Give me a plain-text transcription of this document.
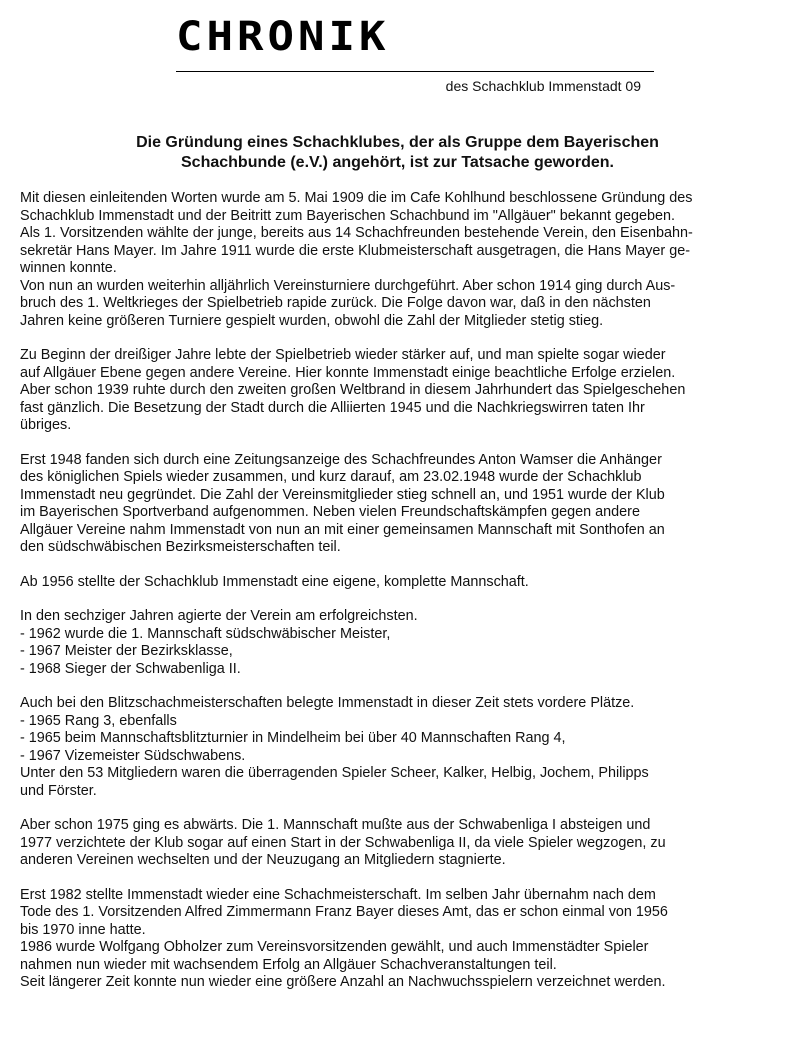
CHRONIK
des Schachklub Immenstadt 09
Die Gründung eines Schachklubes, der als Gruppe dem Bayerischen
Schachbunde (e.V.) angehört, ist zur Tatsache geworden.
Mit diesen einleitenden Worten wurde am 5. Mai 1909 die im Cafe Kohlhund beschlossene Gründung des
Schachklub Immenstadt und der Beitritt zum Bayerischen Schachbund im "Allgäuer" bekannt gegeben.
Als 1. Vorsitzenden wählte der junge, bereits aus 14 Schachfreunden bestehende Verein, den Eisenbahn-
sekretär Hans Mayer. Im Jahre 1911 wurde die erste Klubmeisterschaft ausgetragen, die Hans Mayer ge-
winnen konnte.
Von nun an wurden weiterhin alljährlich Vereinsturniere durchgeführt. Aber schon 1914 ging durch Aus-
bruch des 1. Weltkrieges der Spielbetrieb rapide zurück. Die Folge davon war, daß in den nächsten
Jahren keine größeren Turniere gespielt wurden, obwohl die Zahl der Mitglieder stetig stieg.
Zu Beginn der dreißiger Jahre lebte der Spielbetrieb wieder stärker auf, und man spielte sogar wieder
auf Allgäuer Ebene gegen andere Vereine. Hier konnte Immenstadt einige beachtliche Erfolge erzielen.
Aber schon 1939 ruhte durch den zweiten großen Weltbrand in diesem Jahrhundert das Spielgeschehen
fast gänzlich. Die Besetzung der Stadt durch die Alliierten 1945 und die Nachkriegswirren taten Ihr
übriges.
Erst 1948 fanden sich durch eine Zeitungsanzeige des Schachfreundes Anton Wamser die Anhänger
des königlichen Spiels wieder zusammen, und kurz darauf, am 23.02.1948 wurde der Schachklub
Immenstadt neu gegründet. Die Zahl der Vereinsmitglieder stieg schnell an, und 1951 wurde der Klub
im Bayerischen Sportverband aufgenommen. Neben vielen Freundschaftskämpfen gegen andere
Allgäuer Vereine nahm Immenstadt von nun an mit einer gemeinsamen Mannschaft mit Sonthofen an
den südschwäbischen Bezirksmeisterschaften teil.
Ab 1956 stellte der Schachklub Immenstadt eine eigene, komplette Mannschaft.
In den sechziger Jahren agierte der Verein am erfolgreichsten.
- 1962 wurde die 1. Mannschaft südschwäbischer Meister,
- 1967 Meister der Bezirksklasse,
- 1968 Sieger der Schwabenliga II.
Auch bei den Blitzschachmeisterschaften belegte Immenstadt in dieser Zeit stets vordere Plätze.
- 1965 Rang 3, ebenfalls
- 1965 beim Mannschaftsblitzturnier in Mindelheim bei über 40 Mannschaften Rang 4,
- 1967 Vizemeister Südschwabens.
Unter den 53 Mitgliedern waren die überragenden Spieler Scheer, Kalker, Helbig, Jochem, Philipps
und Förster.
Aber schon 1975 ging es abwärts. Die 1. Mannschaft mußte aus der Schwabenliga I absteigen und
1977 verzichtete der Klub sogar auf einen Start in der Schwabenliga II, da viele Spieler wegzogen, zu
anderen Vereinen wechselten und der Neuzugang an Mitgliedern stagnierte.
Erst 1982 stellte Immenstadt wieder eine Schachmeisterschaft. Im selben Jahr übernahm nach dem
Tode des 1. Vorsitzenden Alfred Zimmermann Franz Bayer dieses Amt, das er schon einmal von 1956
bis 1970 inne hatte.
1986 wurde Wolfgang Obholzer zum Vereinsvorsitzenden gewählt, und auch Immenstädter Spieler
nahmen nun wieder mit wachsendem Erfolg an Allgäuer Schachveranstaltungen teil.
Seit längerer Zeit konnte nun wieder eine größere Anzahl an Nachwuchsspielern verzeichnet werden.
